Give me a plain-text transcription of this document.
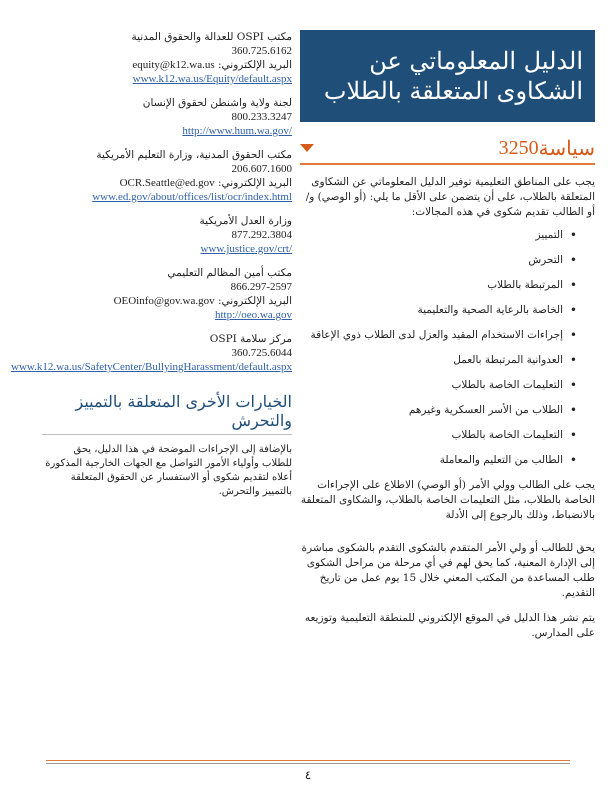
الدليل المعلوماتي عن الشكاوى المتعلقة بالطلاب
سياسة
3250

يجب على المناطق التعليمية توفير الدليل المعلوماتي عن الشكاوى المتعلقة بالطلاب، على أن يتضمن على الأقل ما يلي: (أو الوصي) و/أو الطالب تقديم شكوى في هذه المجالات:

• التمييز
• التحرش
• المرتبطة بالطلاب
• الخاصة بالرعاية الصحية والتعليمية
• إجراءات الاستخدام المقيد والعزل لدى الطلاب ذوي الإعاقة
• العدوانية المرتبطة بالعمل
• التعليمات الخاصة بالطلاب
• الطلاب من الأسر العسكرية وغيرهم
• التعليمات الخاصة بالطلاب
• الطالب من التعليم والمعاملة

يجب على الطالب وولي الأمر (أو الوصي) الاطلاع على الإجراءات الخاصة بالطلاب، مثل التعليمات الخاصة بالطلاب، والشكاوى المتعلقة بالانضباط، وذلك بالرجوع إلى الأدلة

يحق للطالب أو ولي الأمر المتقدم بالشكوى التقدم بالشكوى مباشرة إلى الإدارة المعنية، كما يحق لهم في أي مرحلة من مراحل الشكوى طلب المساعدة من المكتب المعني خلال 15 يوم عمل من تاريخ التقديم.

يتم نشر هذا الدليل في الموقع الإلكتروني للمنطقة التعليمية وتوزيعه على المدارس.

مكتب OSPI للعدالة والحقوق المدنية
360.725.6162
البريد الإلكتروني: equity@k12.wa.us
www.k12.wa.us/Equity/default.aspx
لجنة ولاية واشنطن لحقوق الإنسان
800.233.3247
http://www.hum.wa.gov/
مكتب الحقوق المدنية، وزارة التعليم الأمريكية
206.607.1600
البريد الإلكتروني: OCR.Seattle@ed.gov
www.ed.gov/about/offices/list/ocr/index.html
وزارة العدل الأمريكية
877.292.3804
www.justice.gov/crt/
مكتب أمين المظالم التعليمي
866.297-2597
البريد الإلكتروني: OEOinfo@gov.wa.gov
http://oeo.wa.gov
مركز سلامة OSPI
360.725.6044
www.k12.wa.us/SafetyCenter/BullyingHarassment/default.aspx
الخيارات الأخرى المتعلقة بالتمييز والتحرش
بالإضافة إلى الإجراءات الموضحة في هذا الدليل، يحق للطلاب وأولياء الأمور التواصل مع الجهات الخارجية المذكورة أعلاه لتقديم شكوى أو الاستفسار عن الحقوق المتعلقة بالتمييز والتحرش.
٤
